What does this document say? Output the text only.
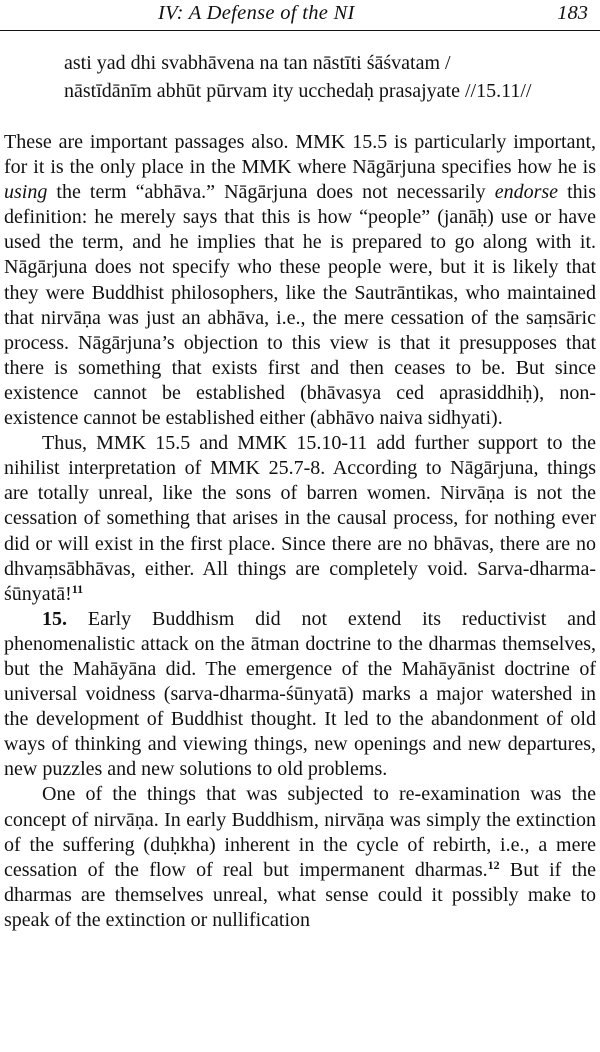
IV: A Defense of the NI	183
asti yad dhi svabhāvena na tan nāstīti śāśvatam /
nāstīdānīm abhūt pūrvam ity ucchedaḥ prasajyate //15.11//

These are important passages also. MMK 15.5 is particularly important, for it is the only place in the MMK where Nāgārjuna specifies how he is using the term “abhāva.” Nāgārjuna does not necessarily endorse this definition: he merely says that this is how “people” (janāḥ) use or have used the term, and he implies that he is prepared to go along with it. Nāgārjuna does not specify who these people were, but it is likely that they were Buddhist philosophers, like the Sautrāntikas, who maintained that nirvāṇa was just an abhāva, i.e., the mere cessation of the saṃsāric process. Nāgārjuna’s objection to this view is that it presupposes that there is something that exists first and then ceases to be. But since existence cannot be established (bhāvasya ced aprasiddhiḥ), non-existence cannot be established either (abhāvo naiva sidhyati).

Thus, MMK 15.5 and MMK 15.10-11 add further support to the nihilist interpretation of MMK 25.7-8. According to Nāgārjuna, things are totally unreal, like the sons of barren women. Nirvāṇa is not the cessation of something that arises in the causal process, for nothing ever did or will exist in the first place. Since there are no bhāvas, there are no dhvaṃsābhāvas, either. All things are completely void. Sarva-dharma-śūnyatā!$^{11}$

15. Early Buddhism did not extend its reductivist and phenomenalistic attack on the ātman doctrine to the dharmas themselves, but the Mahāyāna did. The emergence of the Mahāyānist doctrine of universal voidness (sarva-dharma-śūnyatā) marks a major watershed in the development of Buddhist thought. It led to the abandonment of old ways of thinking and viewing things, new openings and new departures, new puzzles and new solutions to old problems.

One of the things that was subjected to re-examination was the concept of nirvāṇa. In early Buddhism, nirvāṇa was simply the extinction of the suffering (duḥkha) inherent in the cycle of rebirth, i.e., a mere cessation of the flow of real but impermanent dharmas.$^{12}$ But if the dharmas are themselves unreal, what sense could it possibly make to speak of the extinction or nullification
